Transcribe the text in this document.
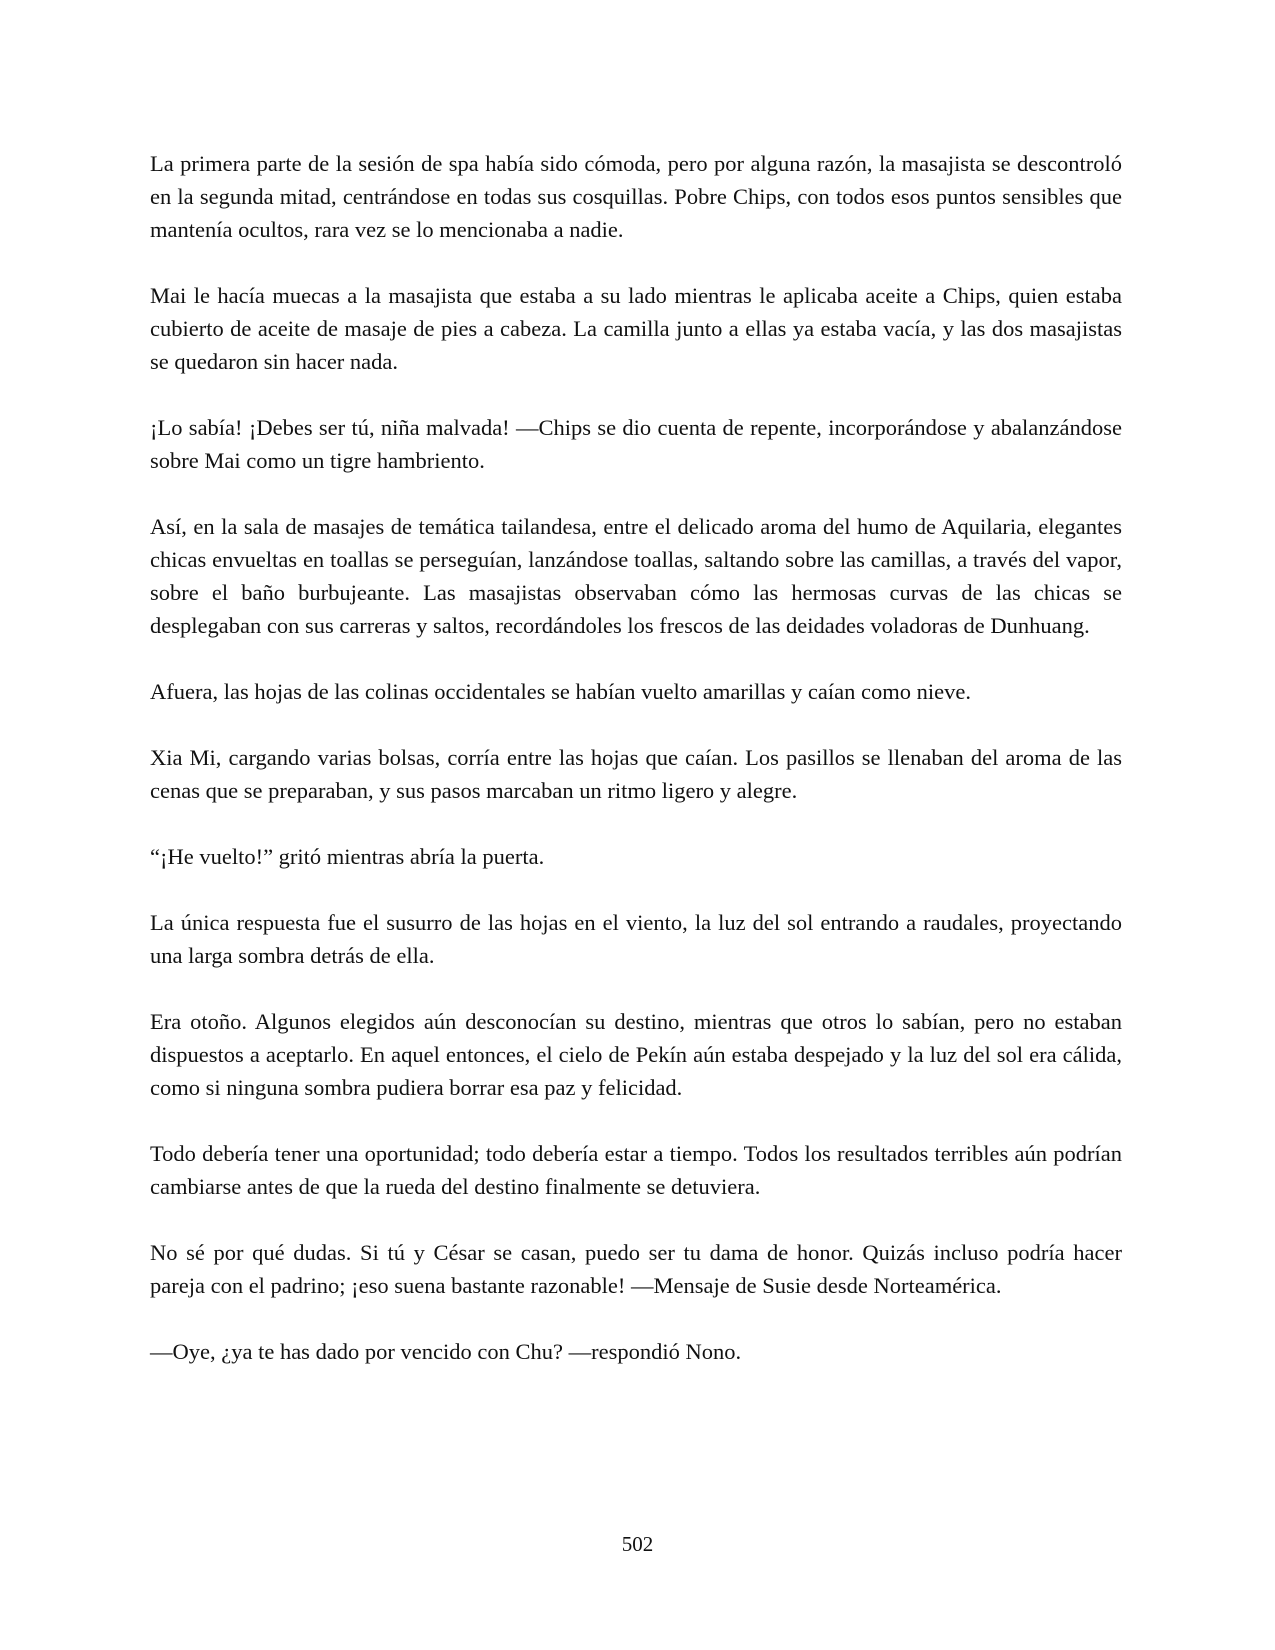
La primera parte de la sesión de spa había sido cómoda, pero por alguna razón, la masajista se descontroló en la segunda mitad, centrándose en todas sus cosquillas. Pobre Chips, con todos esos puntos sensibles que mantenía ocultos, rara vez se lo mencionaba a nadie.

Mai le hacía muecas a la masajista que estaba a su lado mientras le aplicaba aceite a Chips, quien estaba cubierto de aceite de masaje de pies a cabeza. La camilla junto a ellas ya estaba vacía, y las dos masajistas se quedaron sin hacer nada.

¡Lo sabía! ¡Debes ser tú, niña malvada! —Chips se dio cuenta de repente, incorporándose y abalanzándose sobre Mai como un tigre hambriento.

Así, en la sala de masajes de temática tailandesa, entre el delicado aroma del humo de Aquilaria, elegantes chicas envueltas en toallas se perseguían, lanzándose toallas, saltando sobre las camillas, a través del vapor, sobre el baño burbujeante. Las masajistas observaban cómo las hermosas curvas de las chicas se desplegaban con sus carreras y saltos, recordándoles los frescos de las deidades voladoras de Dunhuang.

Afuera, las hojas de las colinas occidentales se habían vuelto amarillas y caían como nieve.

Xia Mi, cargando varias bolsas, corría entre las hojas que caían. Los pasillos se llenaban del aroma de las cenas que se preparaban, y sus pasos marcaban un ritmo ligero y alegre.

“¡He vuelto!” gritó mientras abría la puerta.

La única respuesta fue el susurro de las hojas en el viento, la luz del sol entrando a raudales, proyectando una larga sombra detrás de ella.

Era otoño. Algunos elegidos aún desconocían su destino, mientras que otros lo sabían, pero no estaban dispuestos a aceptarlo. En aquel entonces, el cielo de Pekín aún estaba despejado y la luz del sol era cálida, como si ninguna sombra pudiera borrar esa paz y felicidad.

Todo debería tener una oportunidad; todo debería estar a tiempo. Todos los resultados terribles aún podrían cambiarse antes de que la rueda del destino finalmente se detuviera.

No sé por qué dudas. Si tú y César se casan, puedo ser tu dama de honor. Quizás incluso podría hacer pareja con el padrino; ¡eso suena bastante razonable! —Mensaje de Susie desde Norteamérica.

—Oye, ¿ya te has dado por vencido con Chu? —respondió Nono.

502
